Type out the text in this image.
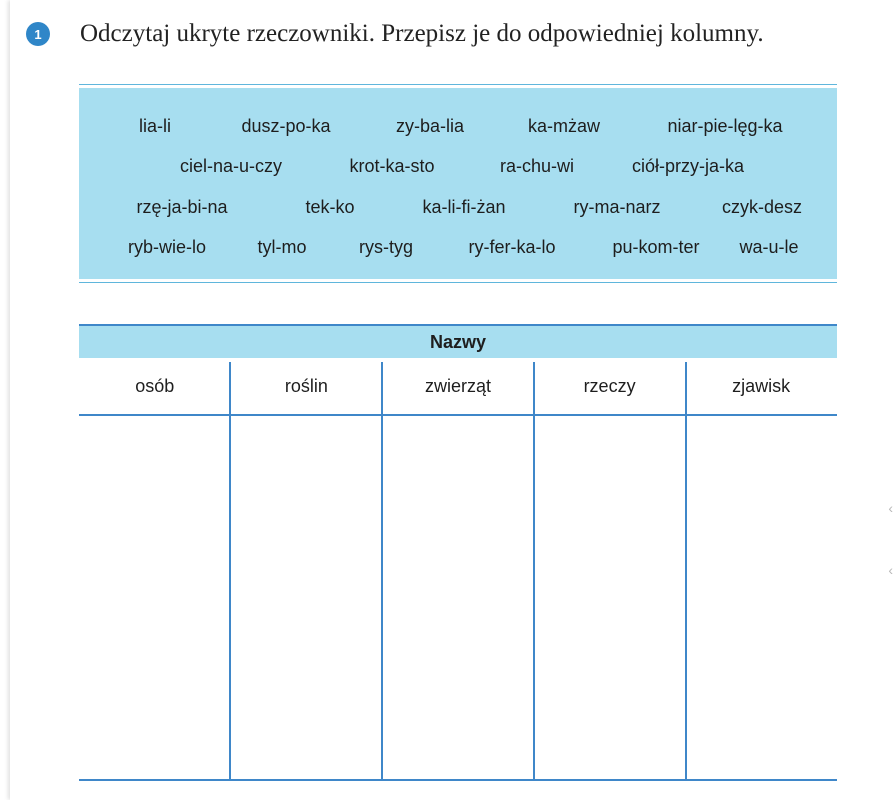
1	Odczytaj ukryte rzeczowniki. Przepisz je do odpowiedniej kolumny.
lia-li	dusz-po-ka	zy-ba-lia	ka-mżaw	niar-pie-lęg-ka
ciel-na-u-czy	krot-ka-sto	ra-chu-wi	ciół-przy-ja-ka
rzę-ja-bi-na	tek-ko	ka-li-fi-żan	ry-ma-narz	czyk-desz
ryb-wie-lo	tyl-mo	rys-tyg	ry-fer-ka-lo	pu-kom-ter wa-u-le
Nazwy
osób	roślin	zwierząt	rzeczy	zjawisk
‹
‹
